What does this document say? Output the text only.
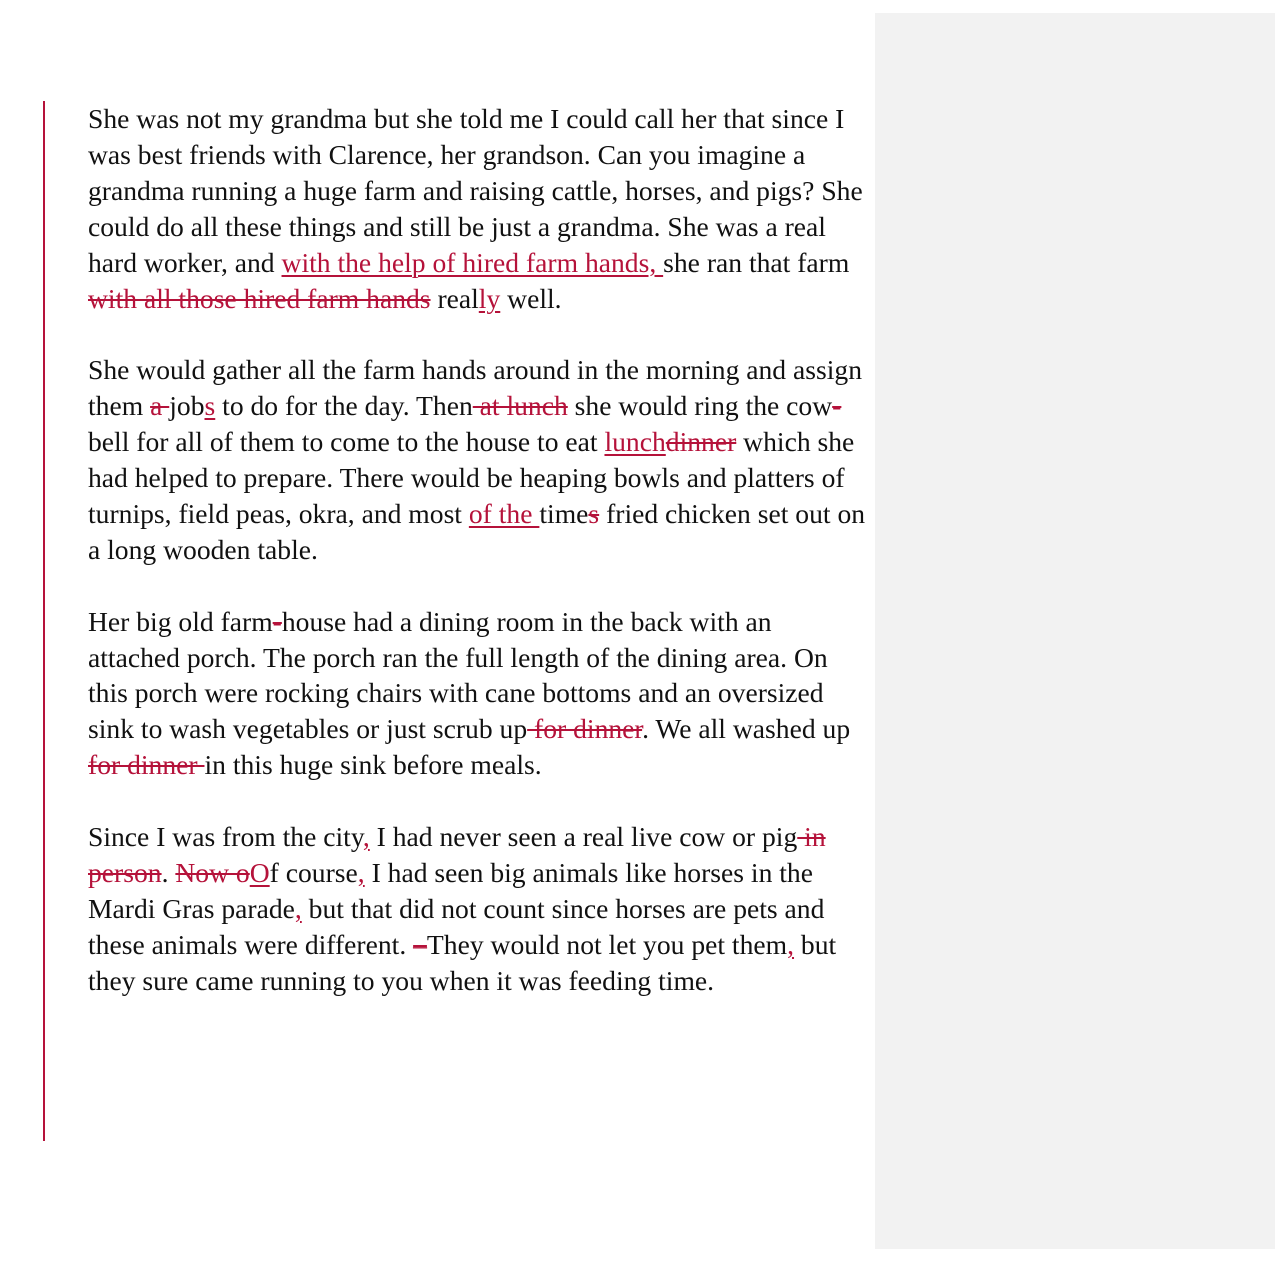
She was not my grandma but she told me I could call her that since I was best friends with Clarence, her grandson. Can you imagine a grandma running a huge farm and raising cattle, horses, and pigs? She could do all these things and still be just a grandma. She was a real hard worker, and with the help of hired farm hands, she ran that farm with all those hired farm hands really well.

She would gather all the farm hands around in the morning and assign them a jobs to do for the day. Then at lunch she would ring the cow-bell for all of them to come to the house to eat lunchdinner which she had helped to prepare. There would be heaping bowls and platters of turnips, field peas, okra, and most of the times fried chicken set out on a long wooden table.

Her big old farm-house had a dining room in the back with an attached porch. The porch ran the full length of the dining area. On this porch were rocking chairs with cane bottoms and an oversized sink to wash vegetables or just scrub up for dinner. We all washed up for dinner in this huge sink before meals.

Since I was from the city, I had never seen a real live cow or pig in person. Now oOf course, I had seen big animals like horses in the Mardi Gras parade, but that did not count since horses are pets and these animals were different. –They would not let you pet them, but they sure came running to you when it was feeding time.
